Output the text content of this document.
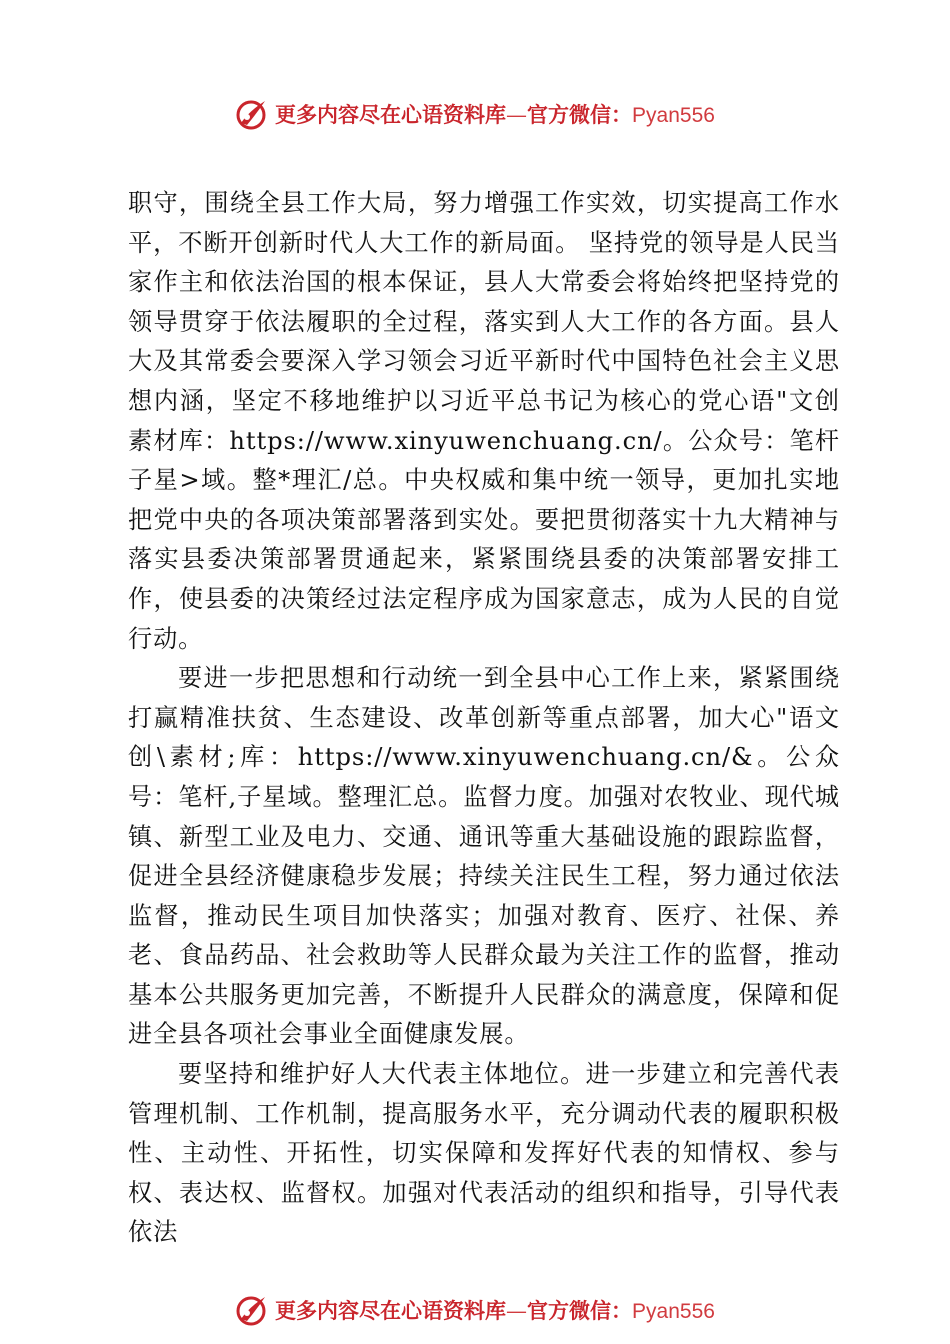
更多内容尽在心语资料库—官方微信：Pyan556

职守，围绕全县工作大局，努力增强工作实效，切实提高工作水平，不断开创新时代人大工作的新局面。 坚持党的领导是人民当家作主和依法治国的根本保证，县人大常委会将始终把坚持党的领导贯穿于依法履职的全过程，落实到人大工作的各方面。县人大及其常委会要深入学习领会习近平新时代中国特色社会主义思想内涵，坚定不移地维护以习近平总书记为核心的党心语"文创素材库：https://www.xinyuwenchuang.cn/。公众号：笔杆子星>域。整*理汇/总。中央权威和集中统一领导，更加扎实地把党中央的各项决策部署落到实处。要把贯彻落实十九大精神与落实县委决策部署贯通起来，紧紧围绕县委的决策部署安排工作，使县委的决策经过法定程序成为国家意志，成为人民的自觉行动。

要进一步把思想和行动统一到全县中心工作上来，紧紧围绕打赢精准扶贫、生态建设、改革创新等重点部署，加大心"语文创\素材;库：https://www.xinyuwenchuang.cn/&。公众号：笔杆,子星域。整理汇总。监督力度。加强对农牧业、现代城镇、新型工业及电力、交通、通讯等重大基础设施的跟踪监督，促进全县经济健康稳步发展；持续关注民生工程，努力通过依法监督，推动民生项目加快落实；加强对教育、医疗、社保、养老、食品药品、社会救助等人民群众最为关注工作的监督，推动基本公共服务更加完善，不断提升人民群众的满意度，保障和促进全县各项社会事业全面健康发展。

要坚持和维护好人大代表主体地位。进一步建立和完善代表管理机制、工作机制，提高服务水平，充分调动代表的履职积极性、主动性、开拓性，切实保障和发挥好代表的知情权、参与权、表达权、监督权。加强对代表活动的组织和指导，引导代表依法

更多内容尽在心语资料库—官方微信：Pyan556
